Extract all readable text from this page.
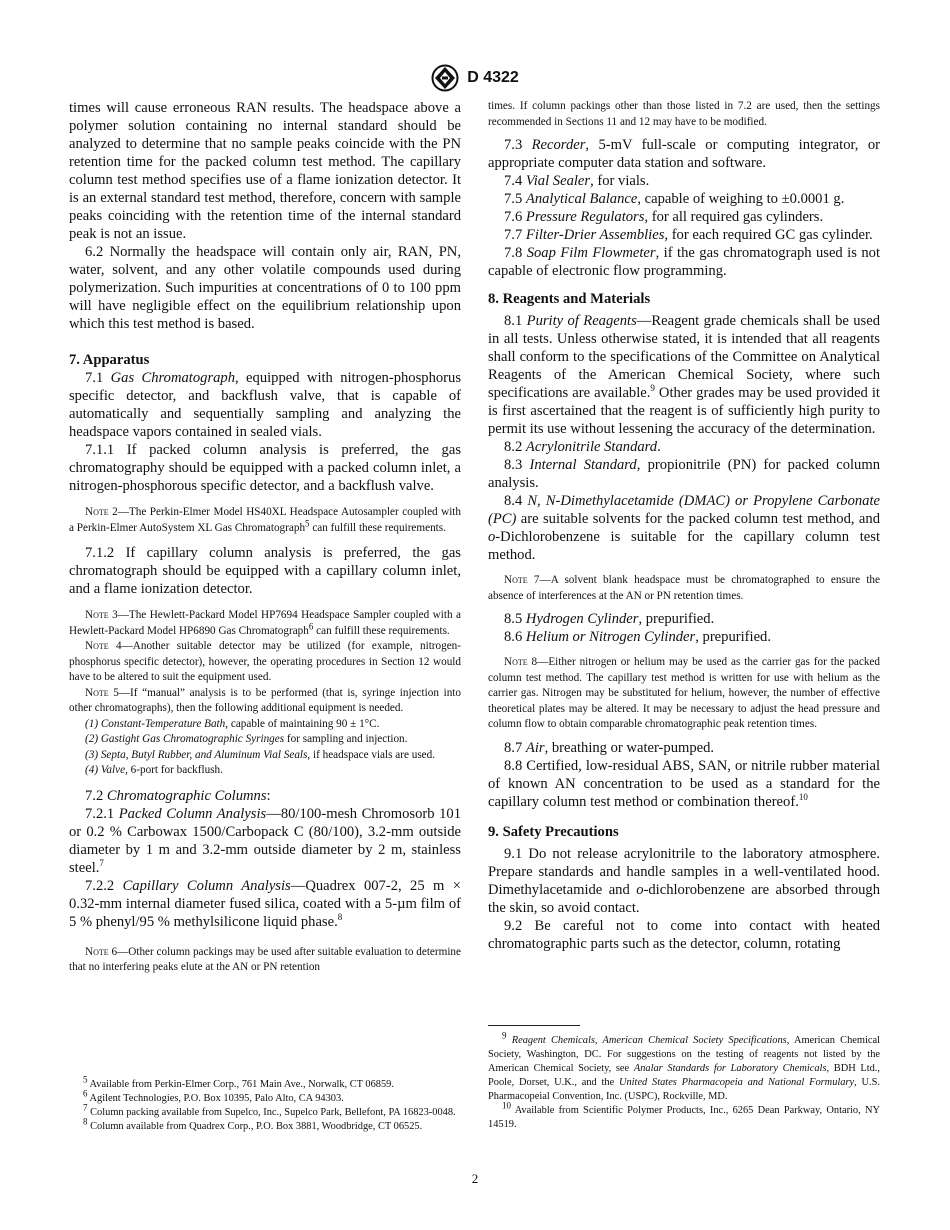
D 4322

times will cause erroneous RAN results. The headspace above a polymer solution containing no internal standard should be analyzed to determine that no sample peaks coincide with the PN retention time for the packed column test method. The capillary column test method specifies use of a flame ionization detector. It is an external standard test method, therefore, concern with sample peaks coinciding with the retention time of the internal standard peak is not an issue.

6.2 Normally the headspace will contain only air, RAN, PN, water, solvent, and any other volatile compounds used during polymerization. Such impurities at concentrations of 0 to 100 ppm will have negligible effect on the equilibrium relationship upon which this test method is based.

7. Apparatus

7.1 Gas Chromatograph, equipped with nitrogen-phosphorus specific detector, and backflush valve, that is capable of automatically and sequentially sampling and analyzing the headspace vapors contained in sealed vials.

7.1.1 If packed column analysis is preferred, the gas chromatography should be equipped with a packed column inlet, a nitrogen-phosphorous specific detector, and a backflush valve.

Note 2—The Perkin-Elmer Model HS40XL Headspace Autosampler coupled with a Perkin-Elmer AutoSystem XL Gas Chromatograph$^5$ can fulfill these requirements.

7.1.2 If capillary column analysis is preferred, the gas chromatograph should be equipped with a capillary column inlet, and a flame ionization detector.

Note 3—The Hewlett-Packard Model HP7694 Headspace Sampler coupled with a Hewlett-Packard Model HP6890 Gas Chromatograph$^6$ can fulfill these requirements.

Note 4—Another suitable detector may be utilized (for example, nitrogen-phosphorus specific detector), however, the operating procedures in Section 12 would have to be altered to suit the equipment used.

Note 5—If “manual” analysis is to be performed (that is, syringe injection into other chromatographs), then the following additional equipment is needed.

(1) Constant-Temperature Bath, capable of maintaining 90 ± 1°C.

(2) Gastight Gas Chromatographic Syringes for sampling and injection.

(3) Septa, Butyl Rubber, and Aluminum Vial Seals, if headspace vials are used.

(4) Valve, 6-port for backflush.

7.2 Chromatographic Columns:

7.2.1 Packed Column Analysis—80/100-mesh Chromosorb 101 or 0.2 % Carbowax 1500/Carbopack C (80/100), 3.2-mm outside diameter by 1 m and 3.2-mm outside diameter by 2 m, stainless steel.$^7$

7.2.2 Capillary Column Analysis—Quadrex 007-2, 25 m × 0.32-mm internal diameter fused silica, coated with a 5-µm film of 5 % phenyl/95 % methylsilicone liquid phase.$^8$

Note 6—Other column packings may be used after suitable evaluation to determine that no interfering peaks elute at the AN or PN retention

$^5$ Available from Perkin-Elmer Corp., 761 Main Ave., Norwalk, CT 06859.

$^6$ Agilent Technologies, P.O. Box 10395, Palo Alto, CA 94303.

$^7$ Column packing available from Supelco, Inc., Supelco Park, Bellefont, PA 16823-0048.

$^8$ Column available from Quadrex Corp., P.O. Box 3881, Woodbridge, CT 06525.

times. If column packings other than those listed in 7.2 are used, then the settings recommended in Sections 11 and 12 may have to be modified.

7.3 Recorder, 5-mV full-scale or computing integrator, or appropriate computer data station and software.

7.4 Vial Sealer, for vials.

7.5 Analytical Balance, capable of weighing to ±0.0001 g.

7.6 Pressure Regulators, for all required gas cylinders.

7.7 Filter-Drier Assemblies, for each required GC gas cylinder.

7.8 Soap Film Flowmeter, if the gas chromatograph used is not capable of electronic flow programming.

8. Reagents and Materials

8.1 Purity of Reagents—Reagent grade chemicals shall be used in all tests. Unless otherwise stated, it is intended that all reagents shall conform to the specifications of the Committee on Analytical Reagents of the American Chemical Society, where such specifications are available.$^9$ Other grades may be used provided it is first ascertained that the reagent is of sufficiently high purity to permit its use without lessening the accuracy of the determination.

8.2 Acrylonitrile Standard.

8.3 Internal Standard, propionitrile (PN) for packed column analysis.

8.4 N, N-Dimethylacetamide (DMAC) or Propylene Carbonate (PC) are suitable solvents for the packed column test method, and o-Dichlorobenzene is suitable for the capillary column test method.

Note 7—A solvent blank headspace must be chromatographed to ensure the absence of interferences at the AN or PN retention times.

8.5 Hydrogen Cylinder, prepurified.

8.6 Helium or Nitrogen Cylinder, prepurified.

Note 8—Either nitrogen or helium may be used as the carrier gas for the packed column test method. The capillary test method is written for use with helium as the carrier gas. Nitrogen may be substituted for helium, however, the number of effective theoretical plates may be altered. It may be necessary to adjust the head pressure and column flow to obtain comparable chromatographic peak retention times.

8.7 Air, breathing or water-pumped.

8.8 Certified, low-residual ABS, SAN, or nitrile rubber material of known AN concentration to be used as a standard for the capillary column test method or combination thereof.$^{10}$

9. Safety Precautions

9.1 Do not release acrylonitrile to the laboratory atmosphere. Prepare standards and handle samples in a well-ventilated hood. Dimethylacetamide and o-dichlorobenzene are absorbed through the skin, so avoid contact.

9.2 Be careful not to come into contact with heated chromatographic parts such as the detector, column, rotating

$^9$ Reagent Chemicals, American Chemical Society Specifications, American Chemical Society, Washington, DC. For suggestions on the testing of reagents not listed by the American Chemical Society, see Analar Standards for Laboratory Chemicals, BDH Ltd., Poole, Dorset, U.K., and the United States Pharmacopeia and National Formulary, U.S. Pharmacopeial Convention, Inc. (USPC), Rockville, MD.

$^{10}$ Available from Scientific Polymer Products, Inc., 6265 Dean Parkway, Ontario, NY 14519.

2
